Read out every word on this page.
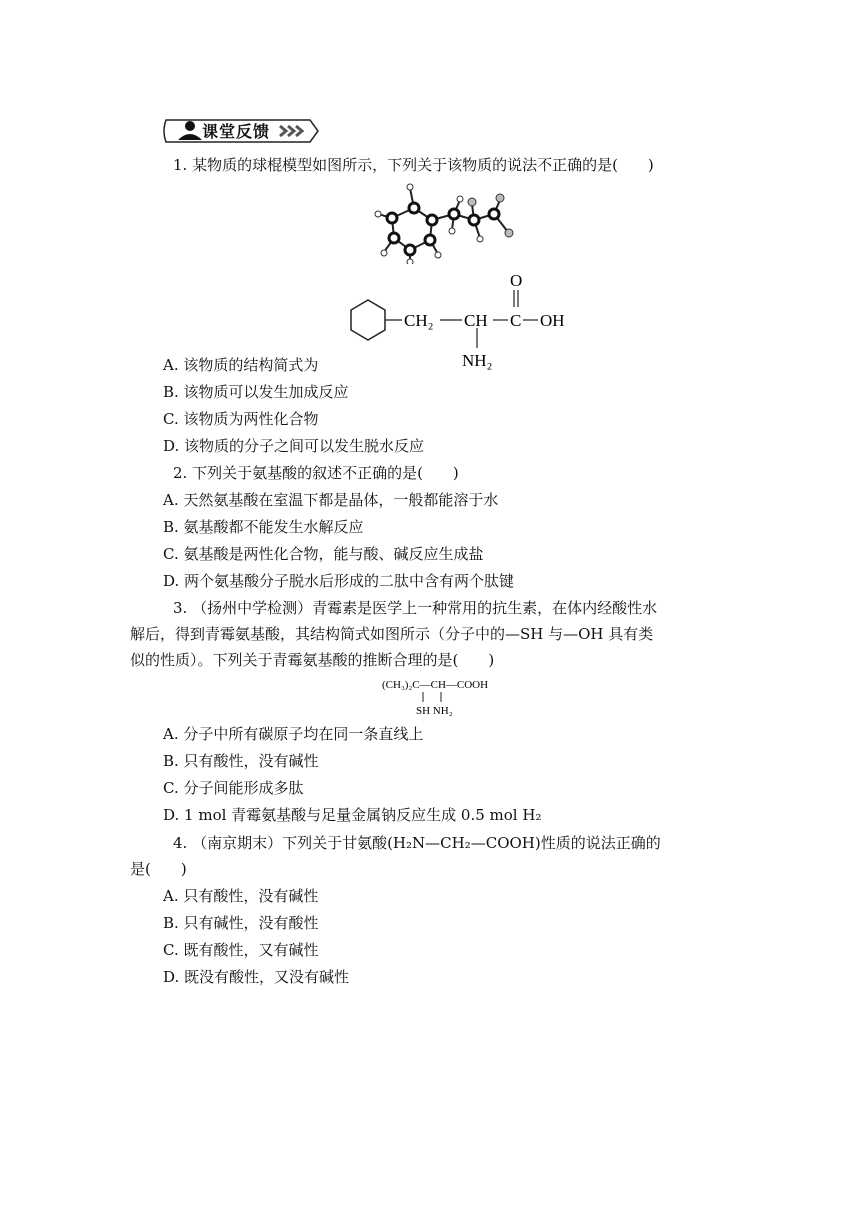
课堂反馈
1. 某物质的球棍模型如图所示，下列关于该物质的说法不正确的是(　　)
CH₂ CH C OH
O
NH₂
A. 该物质的结构简式为
B. 该物质可以发生加成反应
C. 该物质为两性化合物
D. 该物质的分子之间可以发生脱水反应
2. 下列关于氨基酸的叙述不正确的是(　　)
A. 天然氨基酸在室温下都是晶体，一般都能溶于水
B. 氨基酸都不能发生水解反应
C. 氨基酸是两性化合物，能与酸、碱反应生成盐
D. 两个氨基酸分子脱水后形成的二肽中含有两个肽键
3. （扬州中学检测）青霉素是医学上一种常用的抗生素，在体内经酸性水
解后，得到青霉氨基酸，其结构简式如图所示（分子中的—SH 与—OH 具有类
似的性质）。下列关于青霉氨基酸的推断合理的是(　　)
(CH₃)₂C—CH—COOH
SH NH₂
A. 分子中所有碳原子均在同一条直线上
B. 只有酸性，没有碱性
C. 分子间能形成多肽
D. 1 mol 青霉氨基酸与足量金属钠反应生成 0.5 mol H₂
4. （南京期末）下列关于甘氨酸(H₂N—CH₂—COOH)性质的说法正确的
是(　　)
A. 只有酸性，没有碱性
B. 只有碱性，没有酸性
C. 既有酸性，又有碱性
D. 既没有酸性，又没有碱性
